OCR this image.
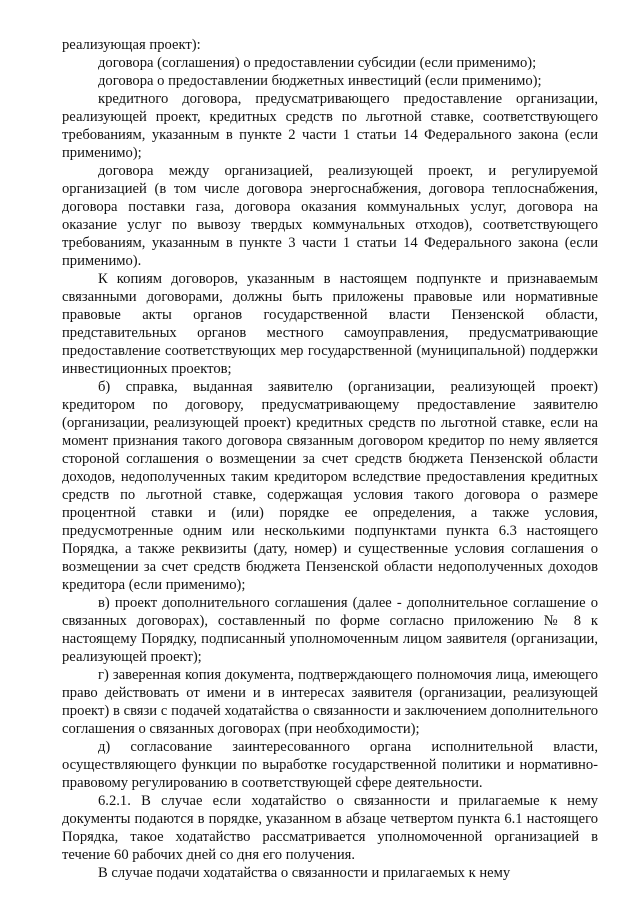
реализующая проект):

договора (соглашения) о предоставлении субсидии (если применимо);

договора о предоставлении бюджетных инвестиций (если применимо);

кредитного договора, предусматривающего предоставление организации, реализующей проект, кредитных средств по льготной ставке, соответствующего требованиям, указанным в пункте 2 части 1 статьи 14 Федерального закона (если применимо);

договора между организацией, реализующей проект, и регулируемой организацией (в том числе договора энергоснабжения, договора теплоснабжения, договора поставки газа, договора оказания коммунальных услуг, договора на оказание услуг по вывозу твердых коммунальных отходов), соответствующего требованиям, указанным в пункте 3 части 1 статьи 14 Федерального закона (если применимо).

К копиям договоров, указанным в настоящем подпункте и признаваемым связанными договорами, должны быть приложены правовые или нормативные правовые акты органов государственной власти Пензенской области, представительных органов местного самоуправления, предусматривающие предоставление соответствующих мер государственной (муниципальной) поддержки инвестиционных проектов;

б) справка, выданная заявителю (организации, реализующей проект) кредитором по договору, предусматривающему предоставление заявителю (организации, реализующей проект) кредитных средств по льготной ставке, если на момент признания такого договора связанным договором кредитор по нему является стороной соглашения о возмещении за счет средств бюджета Пензенской области доходов, недополученных таким кредитором вследствие предоставления кредитных средств по льготной ставке, содержащая условия такого договора о размере процентной ставки и (или) порядке ее определения, а также условия, предусмотренные одним или несколькими подпунктами пункта 6.3 настоящего Порядка, а также реквизиты (дату, номер) и существенные условия соглашения о возмещении за счет средств бюджета Пензенской области недополученных доходов кредитора (если применимо);

в) проект дополнительного соглашения (далее - дополнительное соглашение о связанных договорах), составленный по форме согласно приложению № 8 к настоящему Порядку, подписанный уполномоченным лицом заявителя (организации, реализующей проект);

г) заверенная копия документа, подтверждающего полномочия лица, имеющего право действовать от имени и в интересах заявителя (организации, реализующей проект) в связи с подачей ходатайства о связанности и заключением дополнительного соглашения о связанных договорах (при необходимости);

д) согласование заинтересованного органа исполнительной власти, осуществляющего функции по выработке государственной политики и нормативно-правовому регулированию в соответствующей сфере деятельности.

6.2.1. В случае если ходатайство о связанности и прилагаемые к нему документы подаются в порядке, указанном в абзаце четвертом пункта 6.1 настоящего Порядка, такое ходатайство рассматривается уполномоченной организацией в течение 60 рабочих дней со дня его получения.

В случае подачи ходатайства о связанности и прилагаемых к нему
